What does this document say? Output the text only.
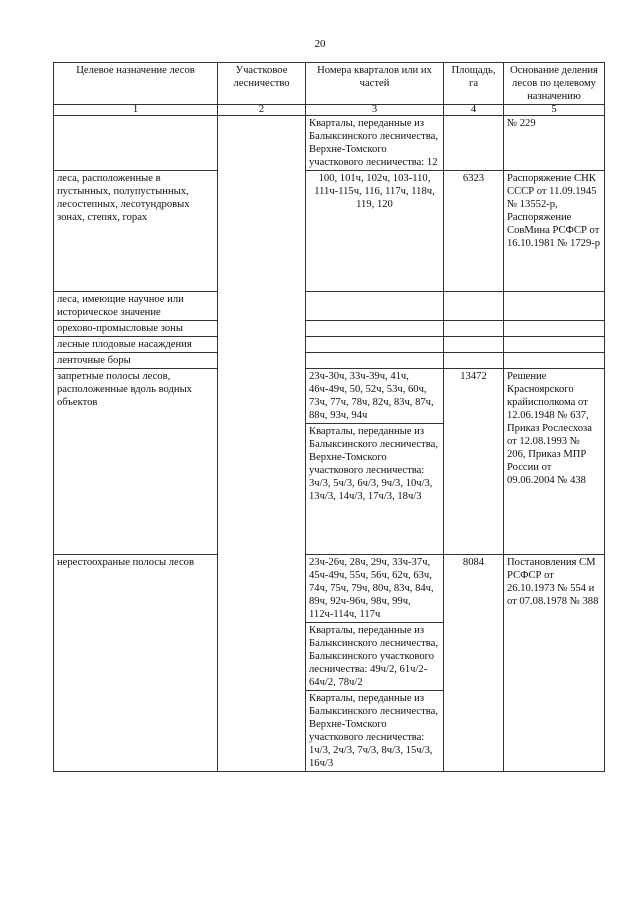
20
Целевое назначение лесов	Участковое лесничество	Номера кварталов или их частей	Площадь, га	Основание деления лесов по целевому назначению
1	2	3	4	5
		Кварталы, переданные из Балыксинского лесничества, Верхне-Томского участкового лесничества: 12		№ 229
леса, расположенные в пустынных, полупустынных, лесостепных, лесотундровых зонах, степях, горах		100, 101ч, 102ч, 103-110, 111ч-115ч, 116, 117ч, 118ч, 119, 120	6323	Распоряжение СНК СССР от 11.09.1945 № 13552-р, Распоряжение СовМина РСФСР от 16.10.1981 № 1729-р
леса, имеющие научное или историческое значение				
орехово-промысловые зоны				
лесные плодовые насаждения				
ленточные боры				
запретные полосы лесов, расположенные вдоль водных объектов		23ч-30ч, 33ч-39ч, 41ч, 46ч-49ч, 50, 52ч, 53ч, 60ч, 73ч, 77ч, 78ч, 82ч, 83ч, 87ч, 88ч, 93ч, 94ч	13472	Решение Красноярского крайисполкома от 12.06.1948 № 637, Приказ Рослесхоза от 12.08.1993 № 206, Приказ МПР России от 09.06.2004 № 438
		Кварталы, переданные из Балыксинского лесничества, Верхне-Томского участкового лесничества: 3ч/3, 5ч/3, 6ч/3, 9ч/3, 10ч/3, 13ч/3, 14ч/3, 17ч/3, 18ч/3		
нерестоохраные полосы лесов		23ч-26ч, 28ч, 29ч, 33ч-37ч, 45ч-49ч, 55ч, 56ч, 62ч, 63ч, 74ч, 75ч, 79ч, 80ч, 83ч, 84ч, 89ч, 92ч-96ч, 98ч, 99ч, 112ч-114ч, 117ч	8084	Постановления СМ РСФСР от 26.10.1973 № 554 и от 07.08.1978 № 388
		Кварталы, переданные из Балыксинского лесничества, Балыксинского участкового лесничества: 49ч/2, 61ч/2-64ч/2, 78ч/2		
		Кварталы, переданные из Балыксинского лесничества, Верхне-Томского участкового лесничества: 1ч/3, 2ч/3, 7ч/3, 8ч/3, 15ч/3, 16ч/3		
